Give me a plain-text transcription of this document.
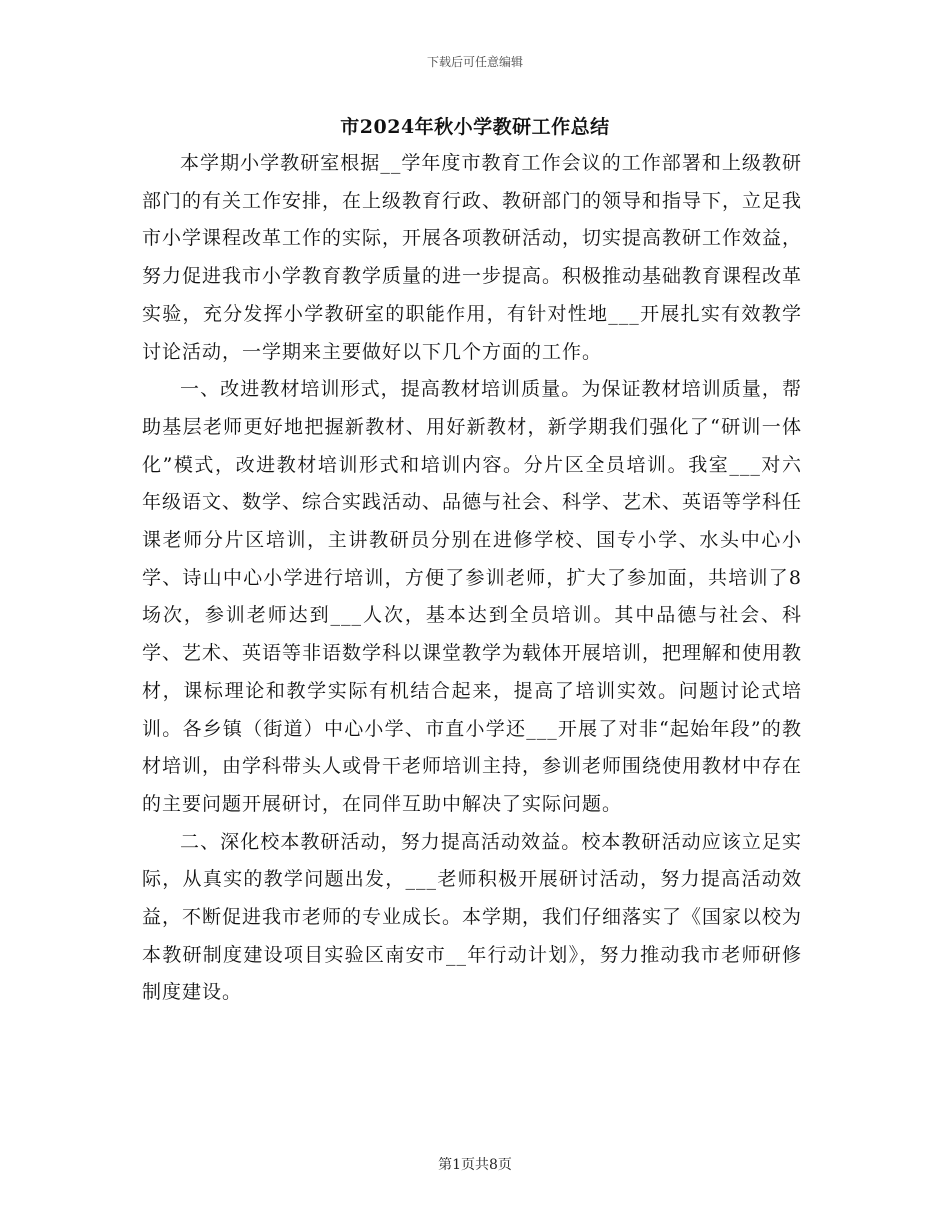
下载后可任意编辑
市2024年秋小学教研工作总结

本学期小学教研室根据__学年度市教育工作会议的工作部署和上级教研部门的有关工作安排，在上级教育行政、教研部门的领导和指导下，立足我市小学课程改革工作的实际，开展各项教研活动，切实提高教研工作效益，努力促进我市小学教育教学质量的进一步提高。积极推动基础教育课程改革实验，充分发挥小学教研室的职能作用，有针对性地___开展扎实有效教学讨论活动，一学期来主要做好以下几个方面的工作。

一、改进教材培训形式，提高教材培训质量。为保证教材培训质量，帮助基层老师更好地把握新教材、用好新教材，新学期我们强化了“研训一体化”模式，改进教材培训形式和培训内容。分片区全员培训。我室___对六年级语文、数学、综合实践活动、品德与社会、科学、艺术、英语等学科任课老师分片区培训，主讲教研员分别在进修学校、国专小学、水头中心小学、诗山中心小学进行培训，方便了参训老师，扩大了参加面，共培训了8场次，参训老师达到___人次，基本达到全员培训。其中品德与社会、科学、艺术、英语等非语数学科以课堂教学为载体开展培训，把理解和使用教材，课标理论和教学实际有机结合起来，提高了培训实效。问题讨论式培训。各乡镇（街道）中心小学、市直小学还___开展了对非“起始年段”的教材培训，由学科带头人或骨干老师培训主持，参训老师围绕使用教材中存在的主要问题开展研讨，在同伴互助中解决了实际问题。

二、深化校本教研活动，努力提高活动效益。校本教研活动应该立足实际，从真实的教学问题出发，___老师积极开展研讨活动，努力提高活动效益，不断促进我市老师的专业成长。本学期，我们仔细落实了《国家以校为本教研制度建设项目实验区南安市__年行动计划》，努力推动我市老师研修制度建设。

第1页共8页
